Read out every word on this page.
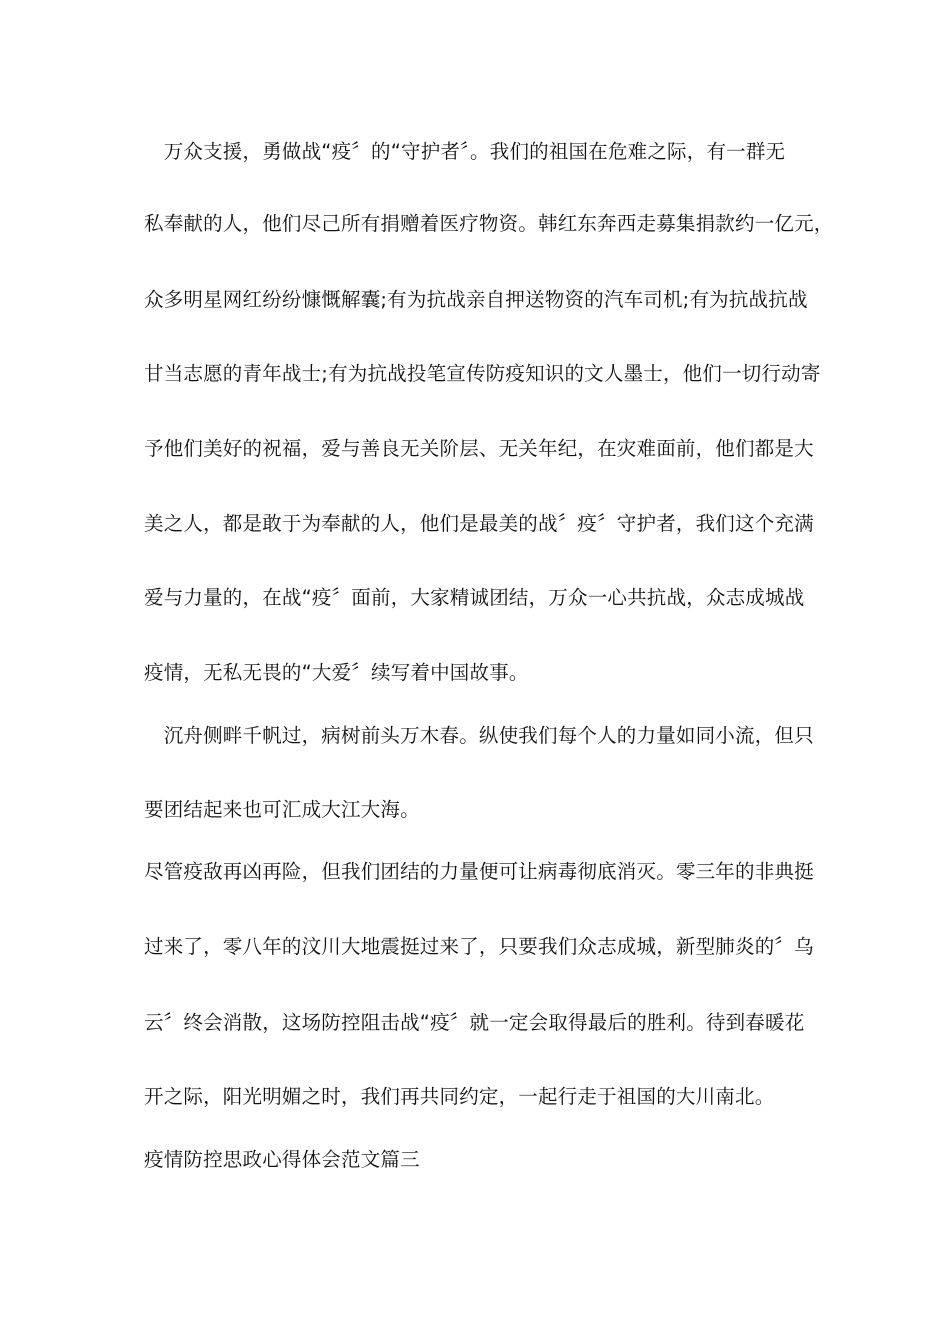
　万众支援，勇做战“疫〞的“守护者〞。我们的祖国在危难之际，有一群无
私奉献的人，他们尽己所有捐赠着医疗物资。韩红东奔西走募集捐款约一亿元，
众多明星网红纷纷慷慨解囊;有为抗战亲自押送物资的汽车司机;有为抗战抗战
甘当志愿的青年战士;有为抗战投笔宣传防疫知识的文人墨士，他们一切行动寄
予他们美好的祝福，爱与善良无关阶层、无关年纪，在灾难面前，他们都是大
美之人，都是敢于为奉献的人，他们是最美的战〞疫〞守护者，我们这个充满
爱与力量的，在战“疫〞面前，大家精诚团结，万众一心共抗战，众志成城战
疫情，无私无畏的“大爱〞续写着中国故事。
　沉舟侧畔千帆过，病树前头万木春。纵使我们每个人的力量如同小流，但只
要团结起来也可汇成大江大海。
尽管疫敌再凶再险，但我们团结的力量便可让病毒彻底消灭。零三年的非典挺
过来了，零八年的汶川大地震挺过来了，只要我们众志成城，新型肺炎的〞乌
云〞终会消散，这场防控阻击战“疫〞就一定会取得最后的胜利。待到春暖花
开之际，阳光明媚之时，我们再共同约定，一起行走于祖国的大川南北。
疫情防控思政心得体会范文篇三
